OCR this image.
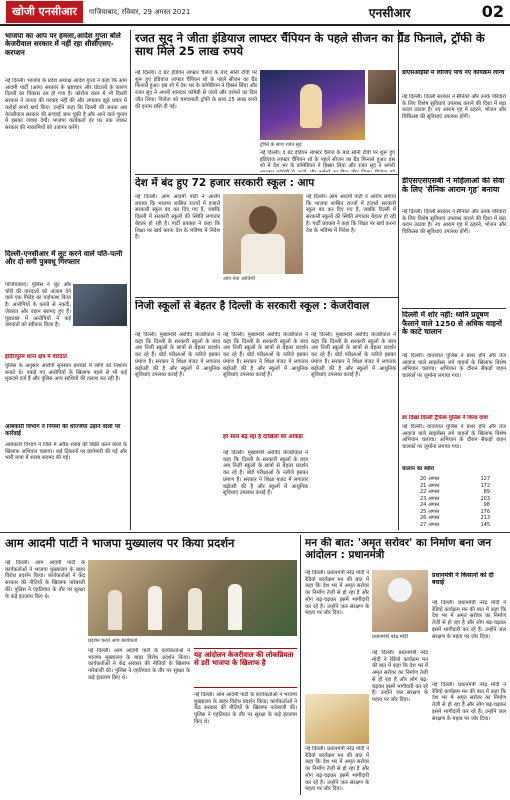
खोजी एनसीआर	गाजियाबाद, रविवार, 29 अगस्त 2021	एनसीआर	02
भाजपा का आप पर हमला,आदेश गुप्ता बोले केजरीवाल सरकार में नहीं रहा सीसीएसए-करप्शन
नई दिल्ली। भाजपा के प्रदेश अध्यक्ष आदेश गुप्ता ने कहा कि आम आदमी पार्टी (आप) सरकार के भ्रष्टाचार और घोटालों के कारण दिल्ली का विकास ठप हो गया है। कोरोना काल में भी दिल्ली सरकार ने जनता की परवाह नहीं की और लगातार झूठे प्रचार में करोड़ों रुपये खर्च किए। उन्होंने कहा कि दिल्ली की जनता अब केजरीवाल सरकार की सच्चाई जान चुकी है और आने वाले चुनाव में इसका जवाब देगी। भाजपा कार्यकर्ता हर घर तक जाकर सरकार की नाकामियों को उजागर करेंगे।
दिल्ली-एनसीआर में लूट करने वाले पति-पत्नी और दो सगी पुत्रवधू गिरफ्तार
गाजियाबाद। पुलिस ने लूट और चोरी की वारदातों को अंजाम देने वाले एक गिरोह का पर्दाफाश किया है। आरोपियों के कब्जे से नकदी, जेवरात और वाहन बरामद हुए हैं। पूछताछ में आरोपियों ने कई वारदातों को स्वीकार किया है।
इंदिरापुरम थाना क्षेत्र में वारदात
पुलिस के अनुसार आरोपी सुनसान इलाकों में लोगों को निशाना बनाते थे। पकड़े गए आरोपियों के खिलाफ पहले से भी कई मुकदमे दर्ज हैं और पुलिस अन्य साथियों की तलाश कर रही है।
आबकारी विभाग ने नियमों की धज्जियां उड़ाने वालों पर कार्रवाई
आबकारी विभाग ने जिले में अवैध शराब की बिक्री करने वालों के खिलाफ अभियान चलाया। कई ठिकानों पर छापेमारी की गई और भारी मात्रा में शराब बरामद की गई।
रजत सूद ने जीता इंडियाज लाफ्टर चैंपियन के पहले सीजन का ग्रैंड फिनाले, ट्रॉफी के साथ मिले 25 लाख रुपये
नई दिल्ली। द ग्रेट इंडियन लाफ्टर चैलेंज के बाद सोनी टीवी पर शुरू हुए इंडियाज लाफ्टर चैंपियन शो के पहले सीजन का ग्रैंड फिनाले हुआ। इस शो में देश भर के कॉमेडियन ने हिस्सा लिया और रजत सूद ने अपनी शानदार कॉमेडी से जजों और दर्शकों का दिल जीत लिया। विजेता को चमचमाती ट्रॉफी के साथ 25 लाख रुपये की इनाम राशि दी गई।
ट्रॉफी के साथ रजत सूद
नई दिल्ली। द ग्रेट इंडियन लाफ्टर चैलेंज के बाद सोनी टीवी पर शुरू हुए इंडियाज लाफ्टर चैंपियन शो के पहले सीजन का ग्रैंड फिनाले हुआ। इस शो में देश भर के कॉमेडियन ने हिस्सा लिया और रजत सूद ने अपनी
डीएसआईसी में लीजिए पांच नए कार्यक्रम लॉन्च
नई दिल्ली। दिल्ली सरकार ने सैनिकों और उनके परिवारों के लिए विशेष सुविधाएं उपलब्ध कराने की दिशा में बड़ा कदम उठाया है। नए आराम गृह में ठहरने, भोजन और चिकित्सा की सुविधाएं उपलब्ध होंगी।
देश में बंद हुए 72 हजार सरकारी स्कूल : आप
नई दिल्ली। आम आदमी पार्टी ने आरोप लगाया कि भाजपा शासित राज्यों में हजारों सरकारी स्कूल बंद कर दिए गए हैं, जबकि दिल्ली में सरकारी स्कूलों की स्थिति लगातार बेहतर हो रही है। पार्टी प्रवक्ता ने कहा कि शिक्षा पर खर्च करना देश के भविष्य में निवेश है।
आप नेता आतिशी
नई दिल्ली। आम आदमी पार्टी ने आरोप लगाया कि भाजपा शासित राज्यों में हजारों सरकारी स्कूल बंद कर दिए गए हैं, जबकि दिल्ली में सरकारी स्कूलों की स्थिति लगातार बेहतर हो रही है। पार्टी प्रवक्ता ने कहा कि शिक्षा पर खर्च करना देश के भविष्य में निवेश है।
डीएसएसएसबी ने महिलाओं की सेवा के लिए 'सैनिक आराम गृह' बनाया
नई दिल्ली। दिल्ली सरकार ने सैनिकों और उनके परिवारों के लिए विशेष सुविधाएं उपलब्ध कराने की दिशा में बड़ा कदम उठाया है। नए आराम गृह में ठहरने, भोजन और चिकित्सा की सुविधाएं उपलब्ध होंगी।
निजी स्कूलों से बेहतर है दिल्ली के सरकारी स्कूल : केजरीवाल
नई दिल्ली। मुख्यमंत्री अरविंद केजरीवाल ने कहा कि दिल्ली के सरकारी स्कूलों के छात्र अब निजी स्कूलों के छात्रों से बेहतर प्रदर्शन कर रहे हैं। बोर्ड परीक्षाओं के नतीजे इसका प्रमाण हैं। सरकार ने शिक्षा बजट में लगातार बढ़ोतरी की है और स्कूलों में आधुनिक सुविधाएं उपलब्ध कराई हैं।
नई दिल्ली। मुख्यमंत्री अरविंद केजरीवाल ने कहा कि दिल्ली के सरकारी स्कूलों के छात्र अब निजी स्कूलों के छात्रों से बेहतर प्रदर्शन कर रहे हैं। बोर्ड परीक्षाओं के नतीजे इसका प्रमाण हैं। सरकार ने शिक्षा बजट में लगातार बढ़ोतरी की है और स्कूलों में आधुनिक सुविधाएं उपलब्ध कराई हैं।
हर साल बढ़ रहा है दाखिलों का आंकड़ा
नई दिल्ली। मुख्यमंत्री अरविंद केजरीवाल ने कहा कि दिल्ली के सरकारी स्कूलों के छात्र अब निजी स्कूलों के छात्रों से बेहतर प्रदर्शन कर रहे हैं। बोर्ड परीक्षाओं के नतीजे इसका प्रमाण हैं। सरकार ने शिक्षा बजट में लगातार बढ़ोतरी की है और स्कूलों में आधुनिक सुविधाएं उपलब्ध कराई हैं।
नई दिल्ली। मुख्यमंत्री अरविंद केजरीवाल ने कहा कि दिल्ली के सरकारी स्कूलों के छात्र अब निजी स्कूलों के छात्रों से बेहतर प्रदर्शन कर रहे हैं। बोर्ड परीक्षाओं के नतीजे इसका प्रमाण हैं। सरकार ने शिक्षा बजट में लगातार बढ़ोतरी की है और स्कूलों में आधुनिक सुविधाएं उपलब्ध कराई हैं।
दिल्ली में शोर नहीं: ध्वनि प्रदूषण फैलाने वाले 1250 से अधिक वाहनों के काटे चालान
नई दिल्ली। यातायात पुलिस ने प्रेशर हॉर्न और तेज आवाज वाले साइलेंसर लगे वाहनों के खिलाफ विशेष अभियान चलाया। अभियान के दौरान सैकड़ों वाहन चालकों पर जुर्माना लगाया गया।
डर दिखा दिल्ली ट्रैफिक पुलिस ने किया दावा
नई दिल्ली। यातायात पुलिस ने प्रेशर हॉर्न और तेज आवाज वाले साइलेंसर लगे वाहनों के खिलाफ विशेष अभियान चलाया। अभियान के दौरान सैकड़ों वाहन चालकों पर जुर्माना लगाया गया।
चालान का ब्योरा
20 अगस्त	127
21 अगस्त	172
22 अगस्त	89
23 अगस्त	103
24 अगस्त	98
25 अगस्त	176
26 अगस्त	213
27 अगस्त	145
आम आदमी पार्टी ने भाजपा मुख्यालय पर किया प्रदर्शन
नई दिल्ली। आम आदमी पार्टी के कार्यकर्ताओं ने भाजपा मुख्यालय के बाहर विरोध प्रदर्शन किया। कार्यकर्ताओं ने केंद्र सरकार की नीतियों के खिलाफ नारेबाजी की। पुलिस ने एहतियात के तौर पर सुरक्षा के कड़े इंतजाम किए थे।
प्रदर्शन करते आप कार्यकर्ता
नई दिल्ली। आम आदमी पार्टी के कार्यकर्ताओं ने भाजपा मुख्यालय के बाहर विरोध प्रदर्शन किया। कार्यकर्ताओं ने केंद्र सरकार की नीतियों के खिलाफ नारेबाजी की। पुलिस ने एहतियात के तौर पर सुरक्षा के कड़े इंतजाम किए थे।
यह आंदोलन केजरीवाल की लोकप्रियता से डरी भाजपा के खिलाफ है
नई दिल्ली। आम आदमी पार्टी के कार्यकर्ताओं ने भाजपा मुख्यालय के बाहर विरोध प्रदर्शन किया। कार्यकर्ताओं ने केंद्र सरकार की नीतियों के खिलाफ नारेबाजी की। पुलिस ने एहतियात के तौर पर सुरक्षा के कड़े इंतजाम किए थे।
मन की बात: 'अमृत सरोवर' का निर्माण बना जन आंदोलन : प्रधानमंत्री
नई दिल्ली। प्रधानमंत्री नरेंद्र मोदी ने रेडियो कार्यक्रम मन की बात में कहा कि देश भर में अमृत सरोवर का निर्माण तेजी से हो रहा है और लोग बढ़-चढ़कर इसमें भागीदारी कर रहे हैं। उन्होंने जल संरक्षण के महत्व पर जोर दिया।
प्रधानमंत्री नरेंद्र मोदी
प्रधानमंत्री ने किसानों को दी बधाई
नई दिल्ली। प्रधानमंत्री नरेंद्र मोदी ने रेडियो कार्यक्रम मन की बात में कहा कि देश भर में अमृत सरोवर का निर्माण तेजी से हो रहा है और लोग बढ़-चढ़कर इसमें भागीदारी कर रहे हैं। उन्होंने जल संरक्षण के महत्व पर जोर दिया।
नई दिल्ली। प्रधानमंत्री नरेंद्र मोदी ने रेडियो कार्यक्रम मन की बात में कहा कि देश भर में अमृत सरोवर का निर्माण तेजी से हो रहा है और लोग बढ़-चढ़कर इसमें भागीदारी कर रहे हैं। उन्होंने जल संरक्षण के महत्व पर जोर दिया।
नई दिल्ली। प्रधानमंत्री नरेंद्र मोदी ने रेडियो कार्यक्रम मन की बात में कहा कि देश भर में अमृत सरोवर का निर्माण तेजी से हो रहा है और लोग बढ़-चढ़कर इसमें भागीदारी कर रहे हैं। उन्होंने जल संरक्षण के महत्व पर जोर दिया।
नई दिल्ली। प्रधानमंत्री नरेंद्र मोदी ने रेडियो कार्यक्रम मन की बात में कहा कि देश भर में अमृत सरोवर का निर्माण तेजी से हो रहा है और लोग बढ़-चढ़कर इसमें भागीदारी कर रहे हैं। उन्होंने जल संरक्षण के महत्व पर जोर दिया।
